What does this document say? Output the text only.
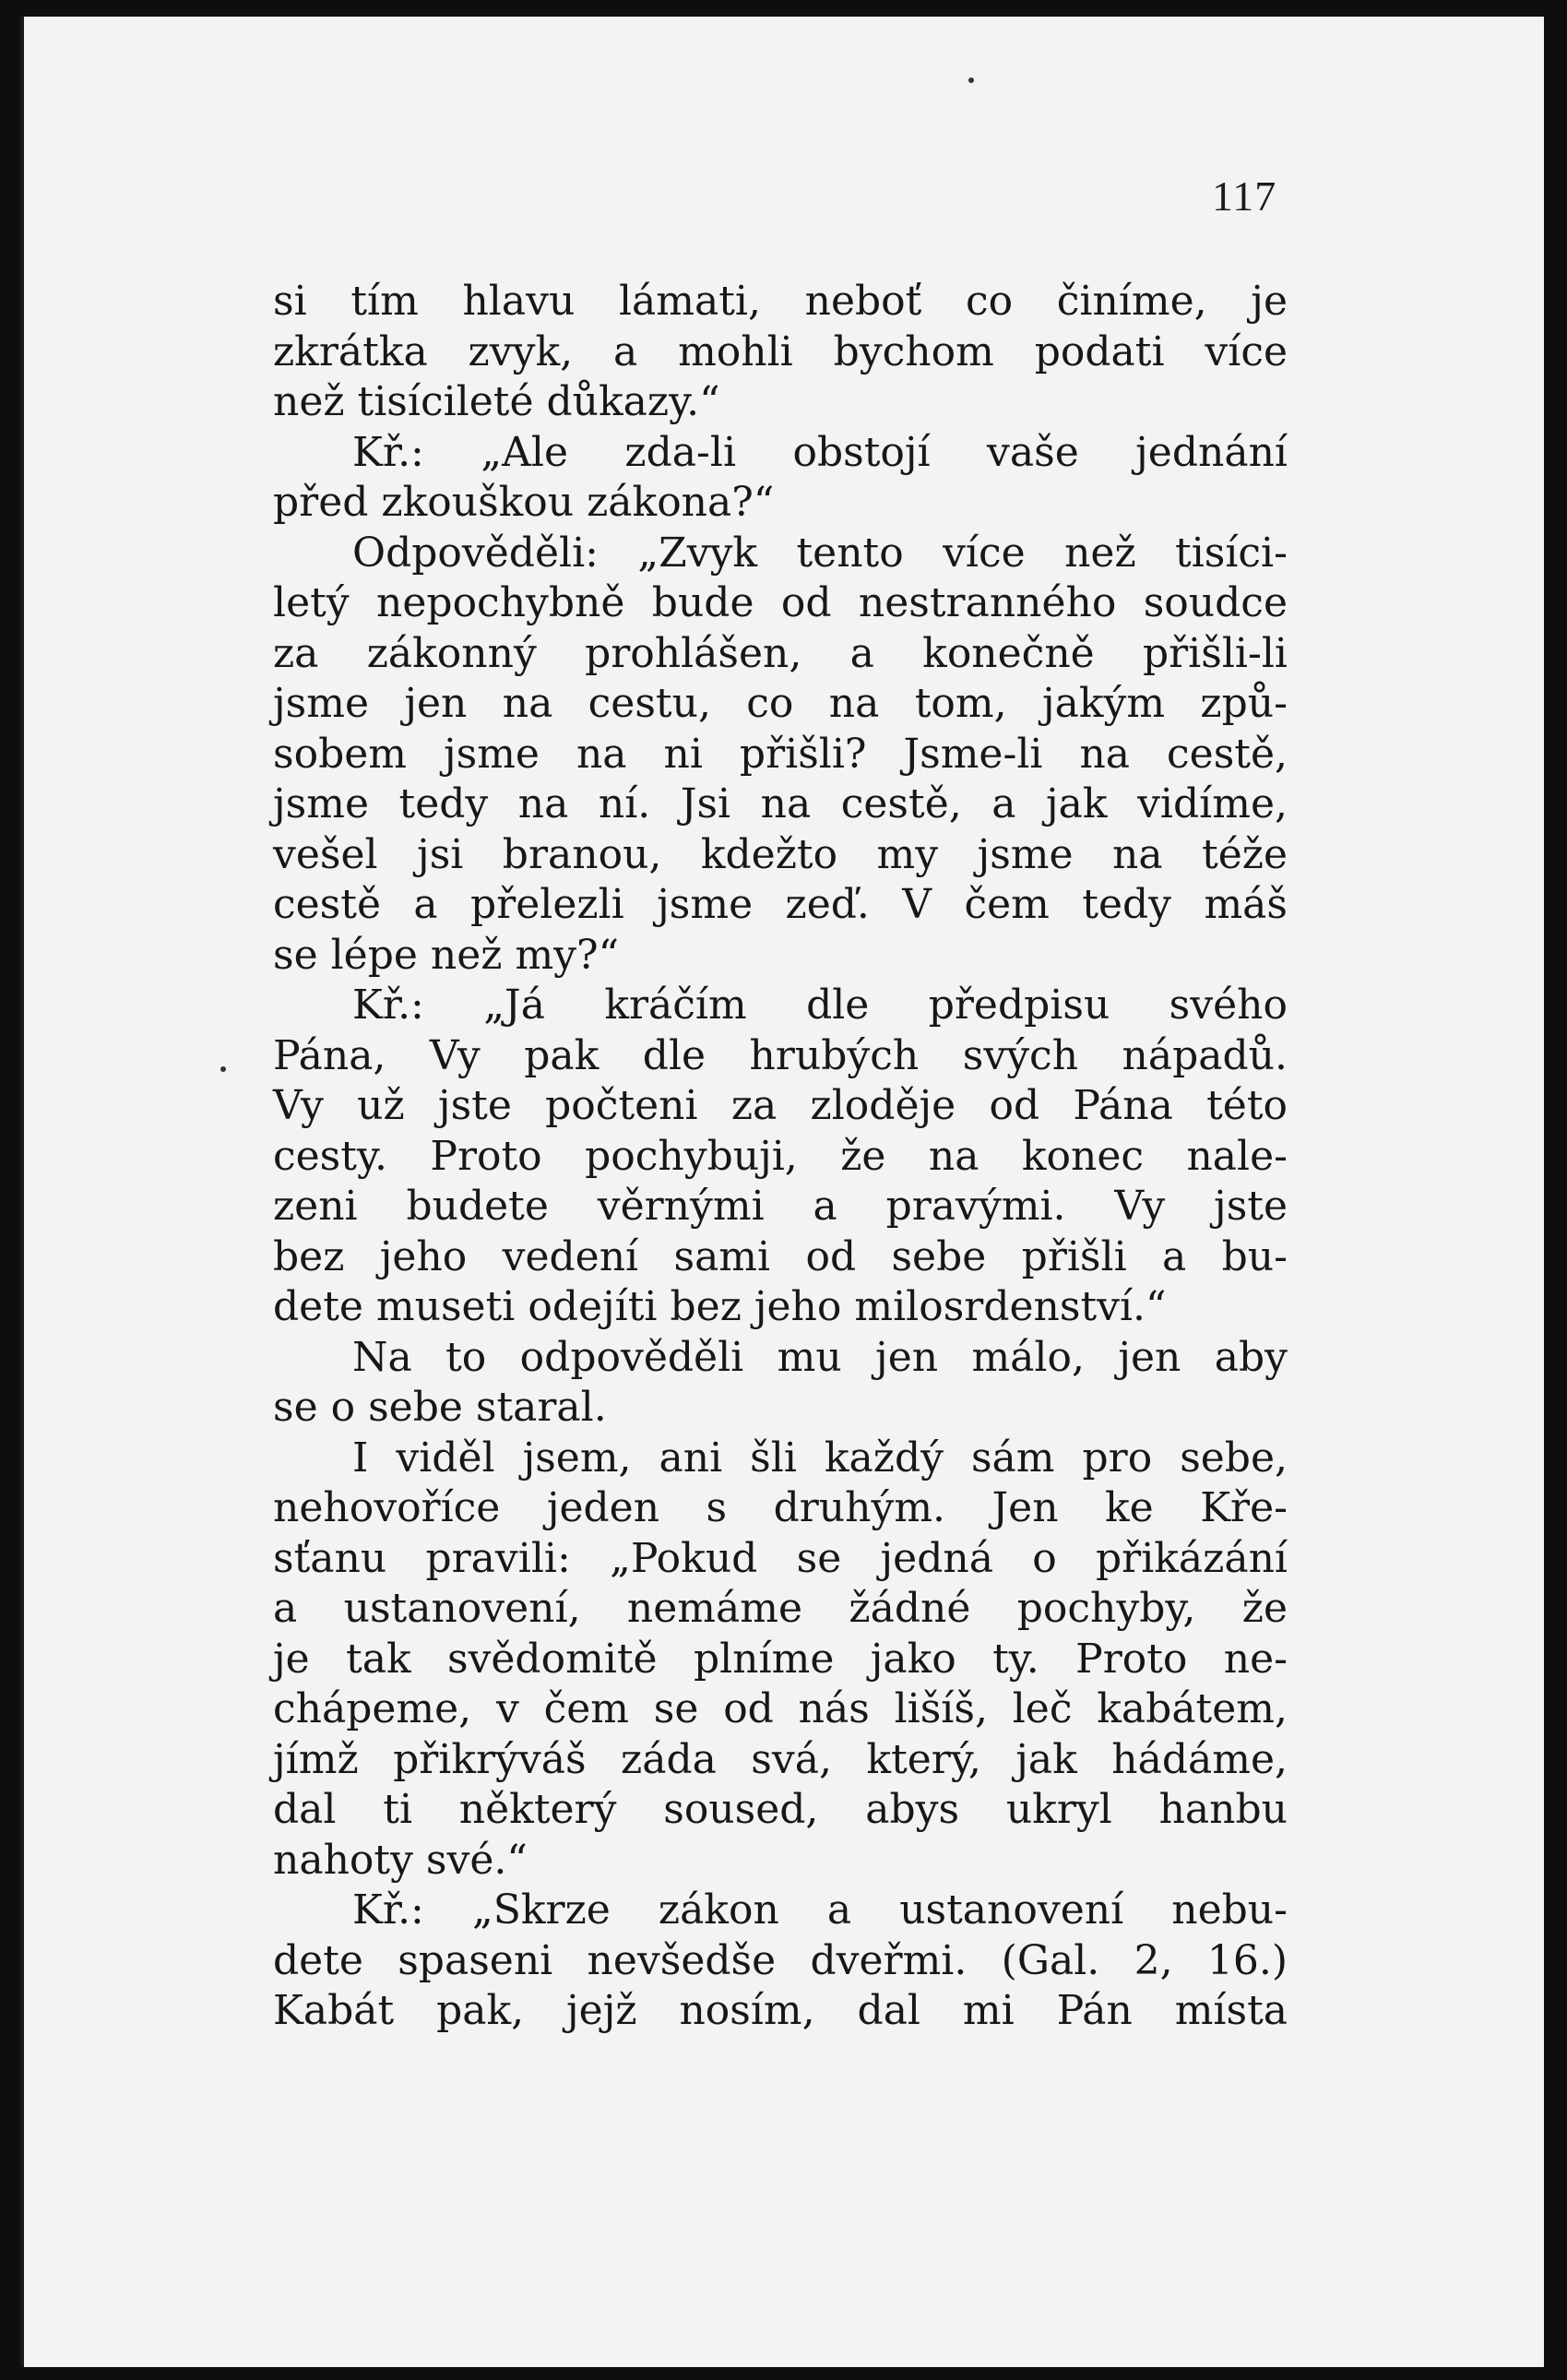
117
si tím hlavu lámati, neboť co činíme, je
zkrátka zvyk, a mohli bychom podati více
než tisícileté důkazy.“
Kř.: „Ale zda-li obstojí vaše jednání
před zkouškou zákona?“
Odpověděli: „Zvyk tento více než tisíci-
letý nepochybně bude od nestranného soudce
za zákonný prohlášen, a konečně přišli-li
jsme jen na cestu, co na tom, jakým způ-
sobem jsme na ni přišli? Jsme-li na cestě,
jsme tedy na ní. Jsi na cestě, a jak vidíme,
vešel jsi branou, kdežto my jsme na téže
cestě a přelezli jsme zeď. V čem tedy máš
se lépe než my?“
Kř.: „Já kráčím dle předpisu svého
Pána, Vy pak dle hrubých svých nápadů.
Vy už jste počteni za zloděje od Pána této
cesty. Proto pochybuji, že na konec nale-
zeni budete věrnými a pravými. Vy jste
bez jeho vedení sami od sebe přišli a bu-
dete museti odejíti bez jeho milosrdenství.“
Na to odpověděli mu jen málo, jen aby
se o sebe staral.
I viděl jsem, ani šli každý sám pro sebe,
nehovoříce jeden s druhým. Jen ke Kře-
sťanu pravili: „Pokud se jedná o přikázání
a ustanovení, nemáme žádné pochyby, že
je tak svědomitě plníme jako ty. Proto ne-
chápeme, v čem se od nás lišíš, leč kabátem,
jímž přikrýváš záda svá, který, jak hádáme,
dal ti některý soused, abys ukryl hanbu
nahoty své.“
Kř.: „Skrze zákon a ustanovení nebu-
dete spaseni nevšedše dveřmi. (Gal. 2, 16.)
Kabát pak, jejž nosím, dal mi Pán místa
